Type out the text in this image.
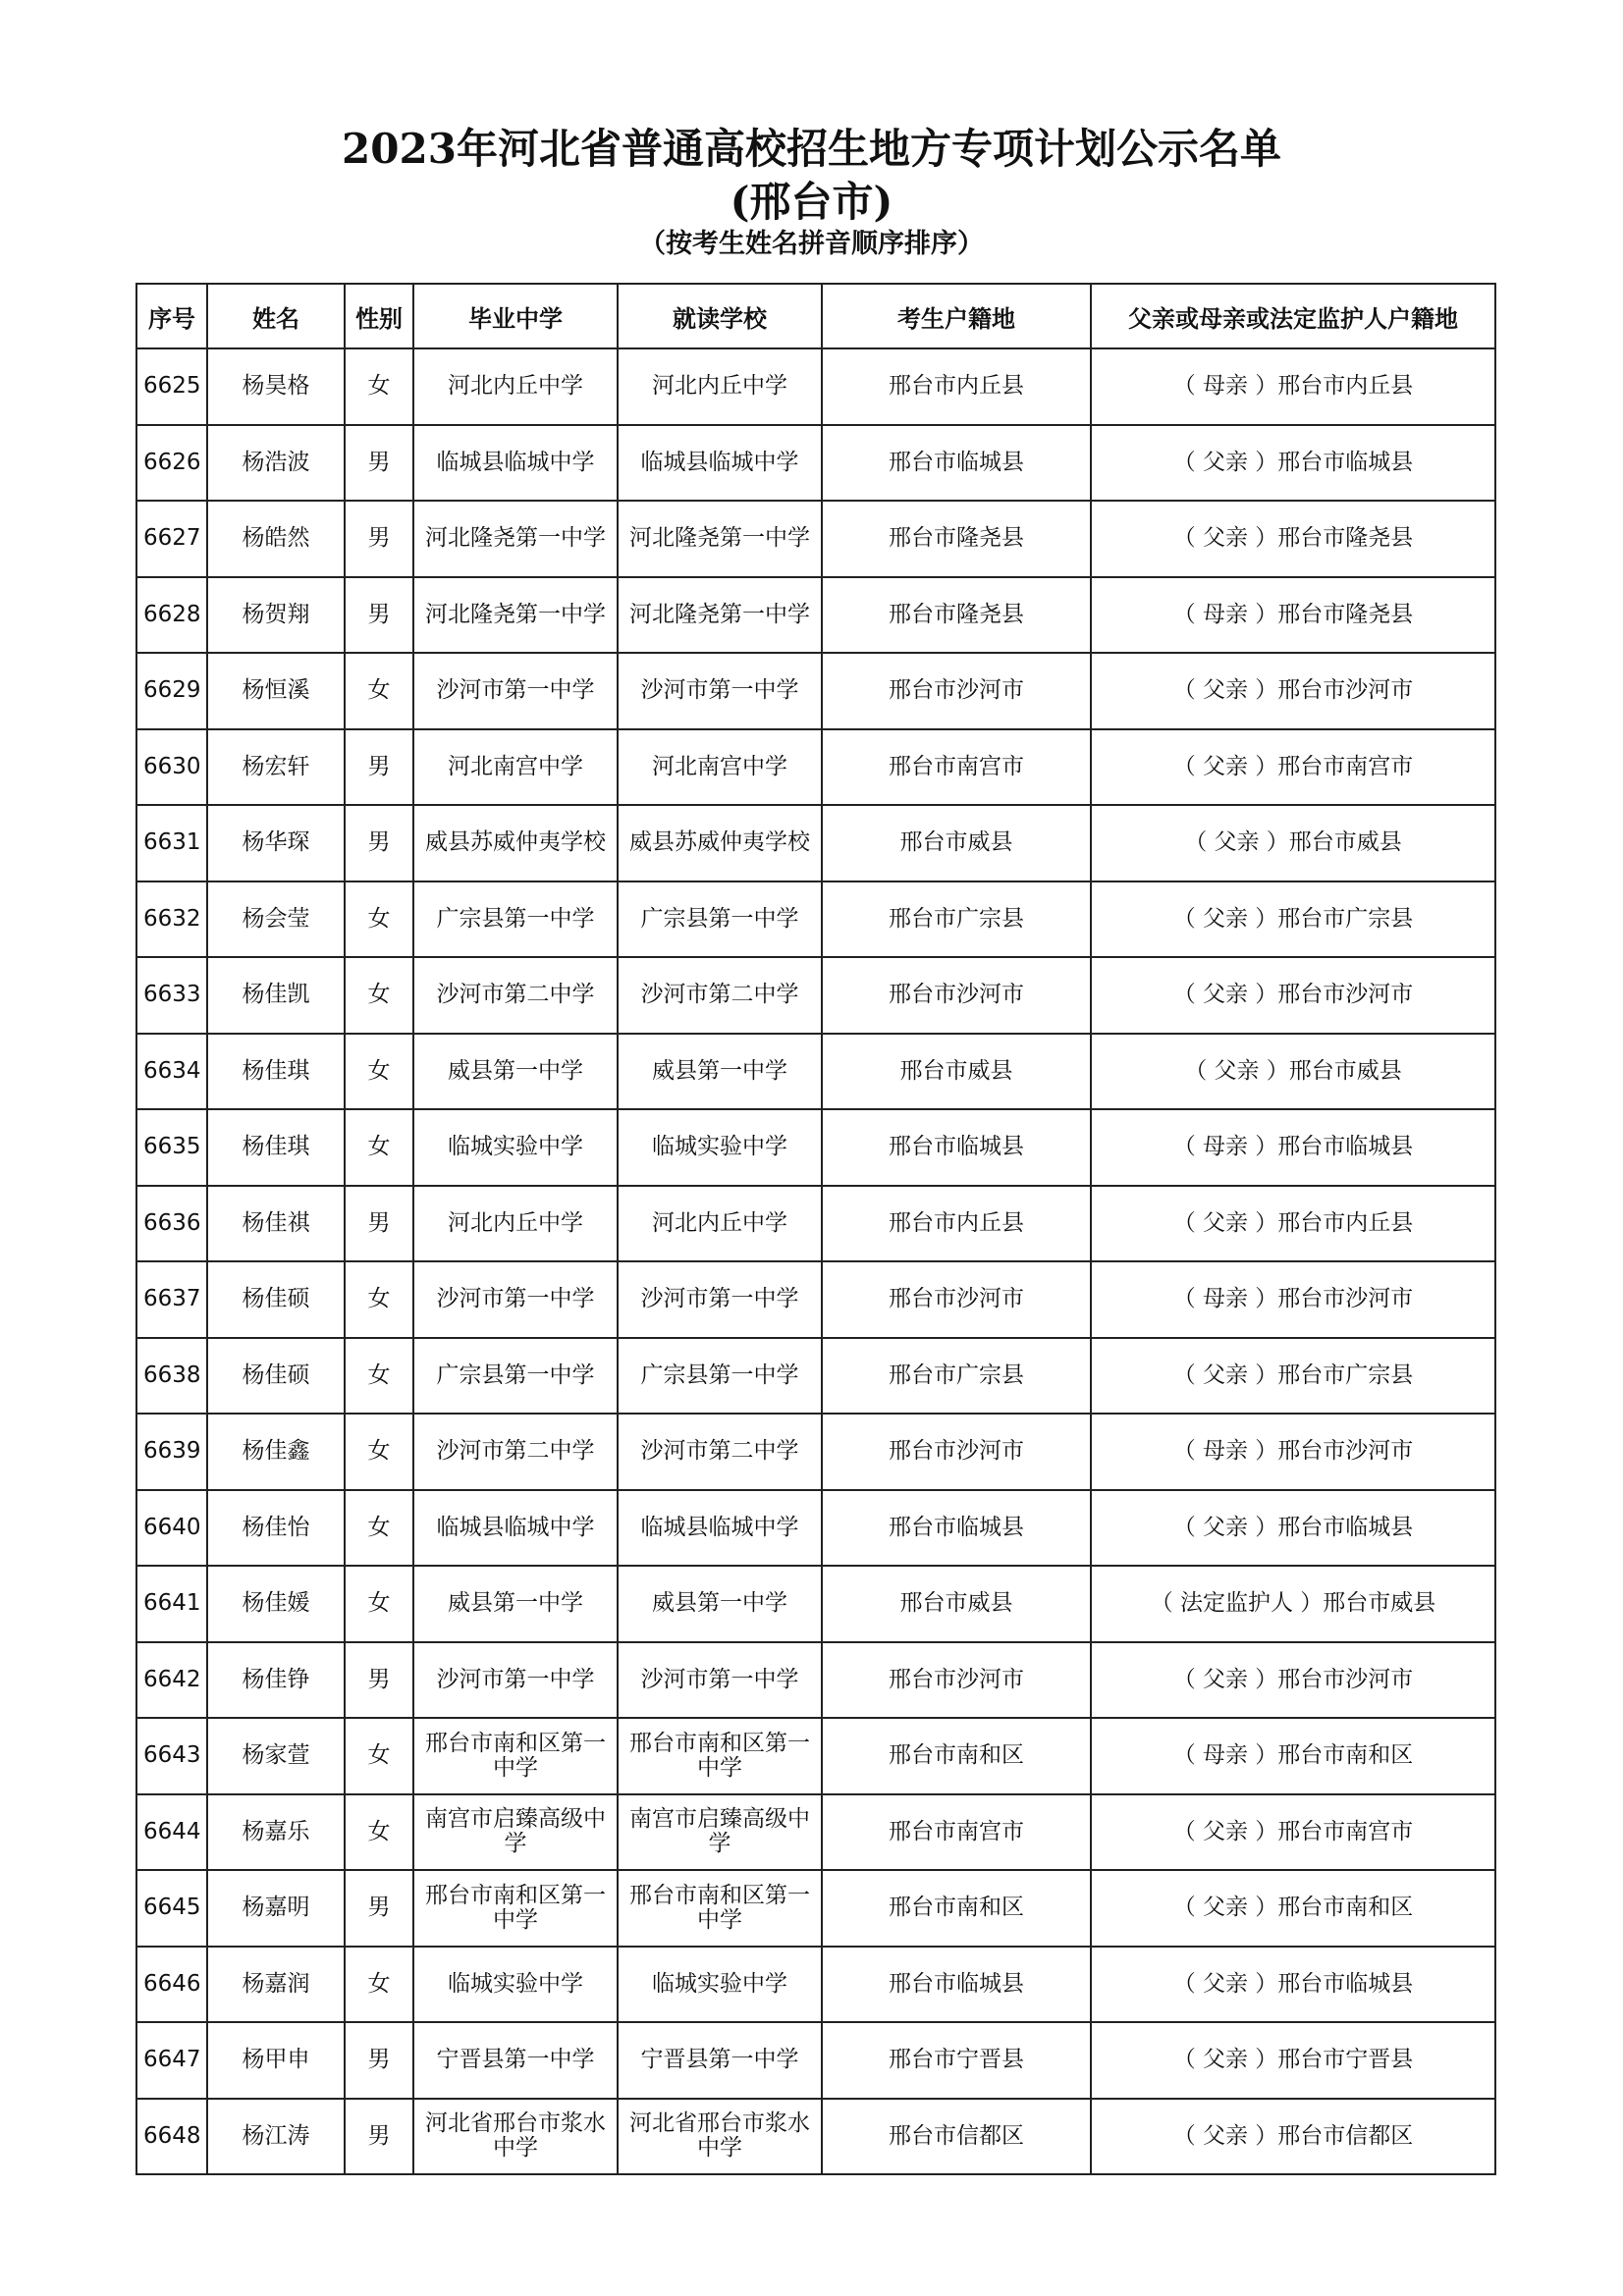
2023年河北省普通高校招生地方专项计划公示名单
(邢台市)
（按考生姓名拼音顺序排序）
序号	姓名	性别	毕业中学	就读学校	考生户籍地	父亲或母亲或法定监护人户籍地
6625	杨昊格	女	河北内丘中学	河北内丘中学	邢台市内丘县	（ 母亲 ）邢台市内丘县
6626	杨浩波	男	临城县临城中学	临城县临城中学	邢台市临城县	（ 父亲 ）邢台市临城县
6627	杨皓然	男	河北隆尧第一中学	河北隆尧第一中学	邢台市隆尧县	（ 父亲 ）邢台市隆尧县
6628	杨贺翔	男	河北隆尧第一中学	河北隆尧第一中学	邢台市隆尧县	（ 母亲 ）邢台市隆尧县
6629	杨恒溪	女	沙河市第一中学	沙河市第一中学	邢台市沙河市	（ 父亲 ）邢台市沙河市
6630	杨宏轩	男	河北南宫中学	河北南宫中学	邢台市南宫市	（ 父亲 ）邢台市南宫市
6631	杨华琛	男	威县苏威仲夷学校	威县苏威仲夷学校	邢台市威县	（ 父亲 ）邢台市威县
6632	杨会莹	女	广宗县第一中学	广宗县第一中学	邢台市广宗县	（ 父亲 ）邢台市广宗县
6633	杨佳凯	女	沙河市第二中学	沙河市第二中学	邢台市沙河市	（ 父亲 ）邢台市沙河市
6634	杨佳琪	女	威县第一中学	威县第一中学	邢台市威县	（ 父亲 ）邢台市威县
6635	杨佳琪	女	临城实验中学	临城实验中学	邢台市临城县	（ 母亲 ）邢台市临城县
6636	杨佳祺	男	河北内丘中学	河北内丘中学	邢台市内丘县	（ 父亲 ）邢台市内丘县
6637	杨佳硕	女	沙河市第一中学	沙河市第一中学	邢台市沙河市	（ 母亲 ）邢台市沙河市
6638	杨佳硕	女	广宗县第一中学	广宗县第一中学	邢台市广宗县	（ 父亲 ）邢台市广宗县
6639	杨佳鑫	女	沙河市第二中学	沙河市第二中学	邢台市沙河市	（ 母亲 ）邢台市沙河市
6640	杨佳怡	女	临城县临城中学	临城县临城中学	邢台市临城县	（ 父亲 ）邢台市临城县
6641	杨佳媛	女	威县第一中学	威县第一中学	邢台市威县	（ 法定监护人 ）邢台市威县
6642	杨佳铮	男	沙河市第一中学	沙河市第一中学	邢台市沙河市	（ 父亲 ）邢台市沙河市
6643	杨家萱	女	邢台市南和区第一中学	邢台市南和区第一中学	邢台市南和区	（ 母亲 ）邢台市南和区
6644	杨嘉乐	女	南宫市启臻高级中学	南宫市启臻高级中学	邢台市南宫市	（ 父亲 ）邢台市南宫市
6645	杨嘉明	男	邢台市南和区第一中学	邢台市南和区第一中学	邢台市南和区	（ 父亲 ）邢台市南和区
6646	杨嘉润	女	临城实验中学	临城实验中学	邢台市临城县	（ 父亲 ）邢台市临城县
6647	杨甲申	男	宁晋县第一中学	宁晋县第一中学	邢台市宁晋县	（ 父亲 ）邢台市宁晋县
6648	杨江涛	男	河北省邢台市浆水中学	河北省邢台市浆水中学	邢台市信都区	（ 父亲 ）邢台市信都区
